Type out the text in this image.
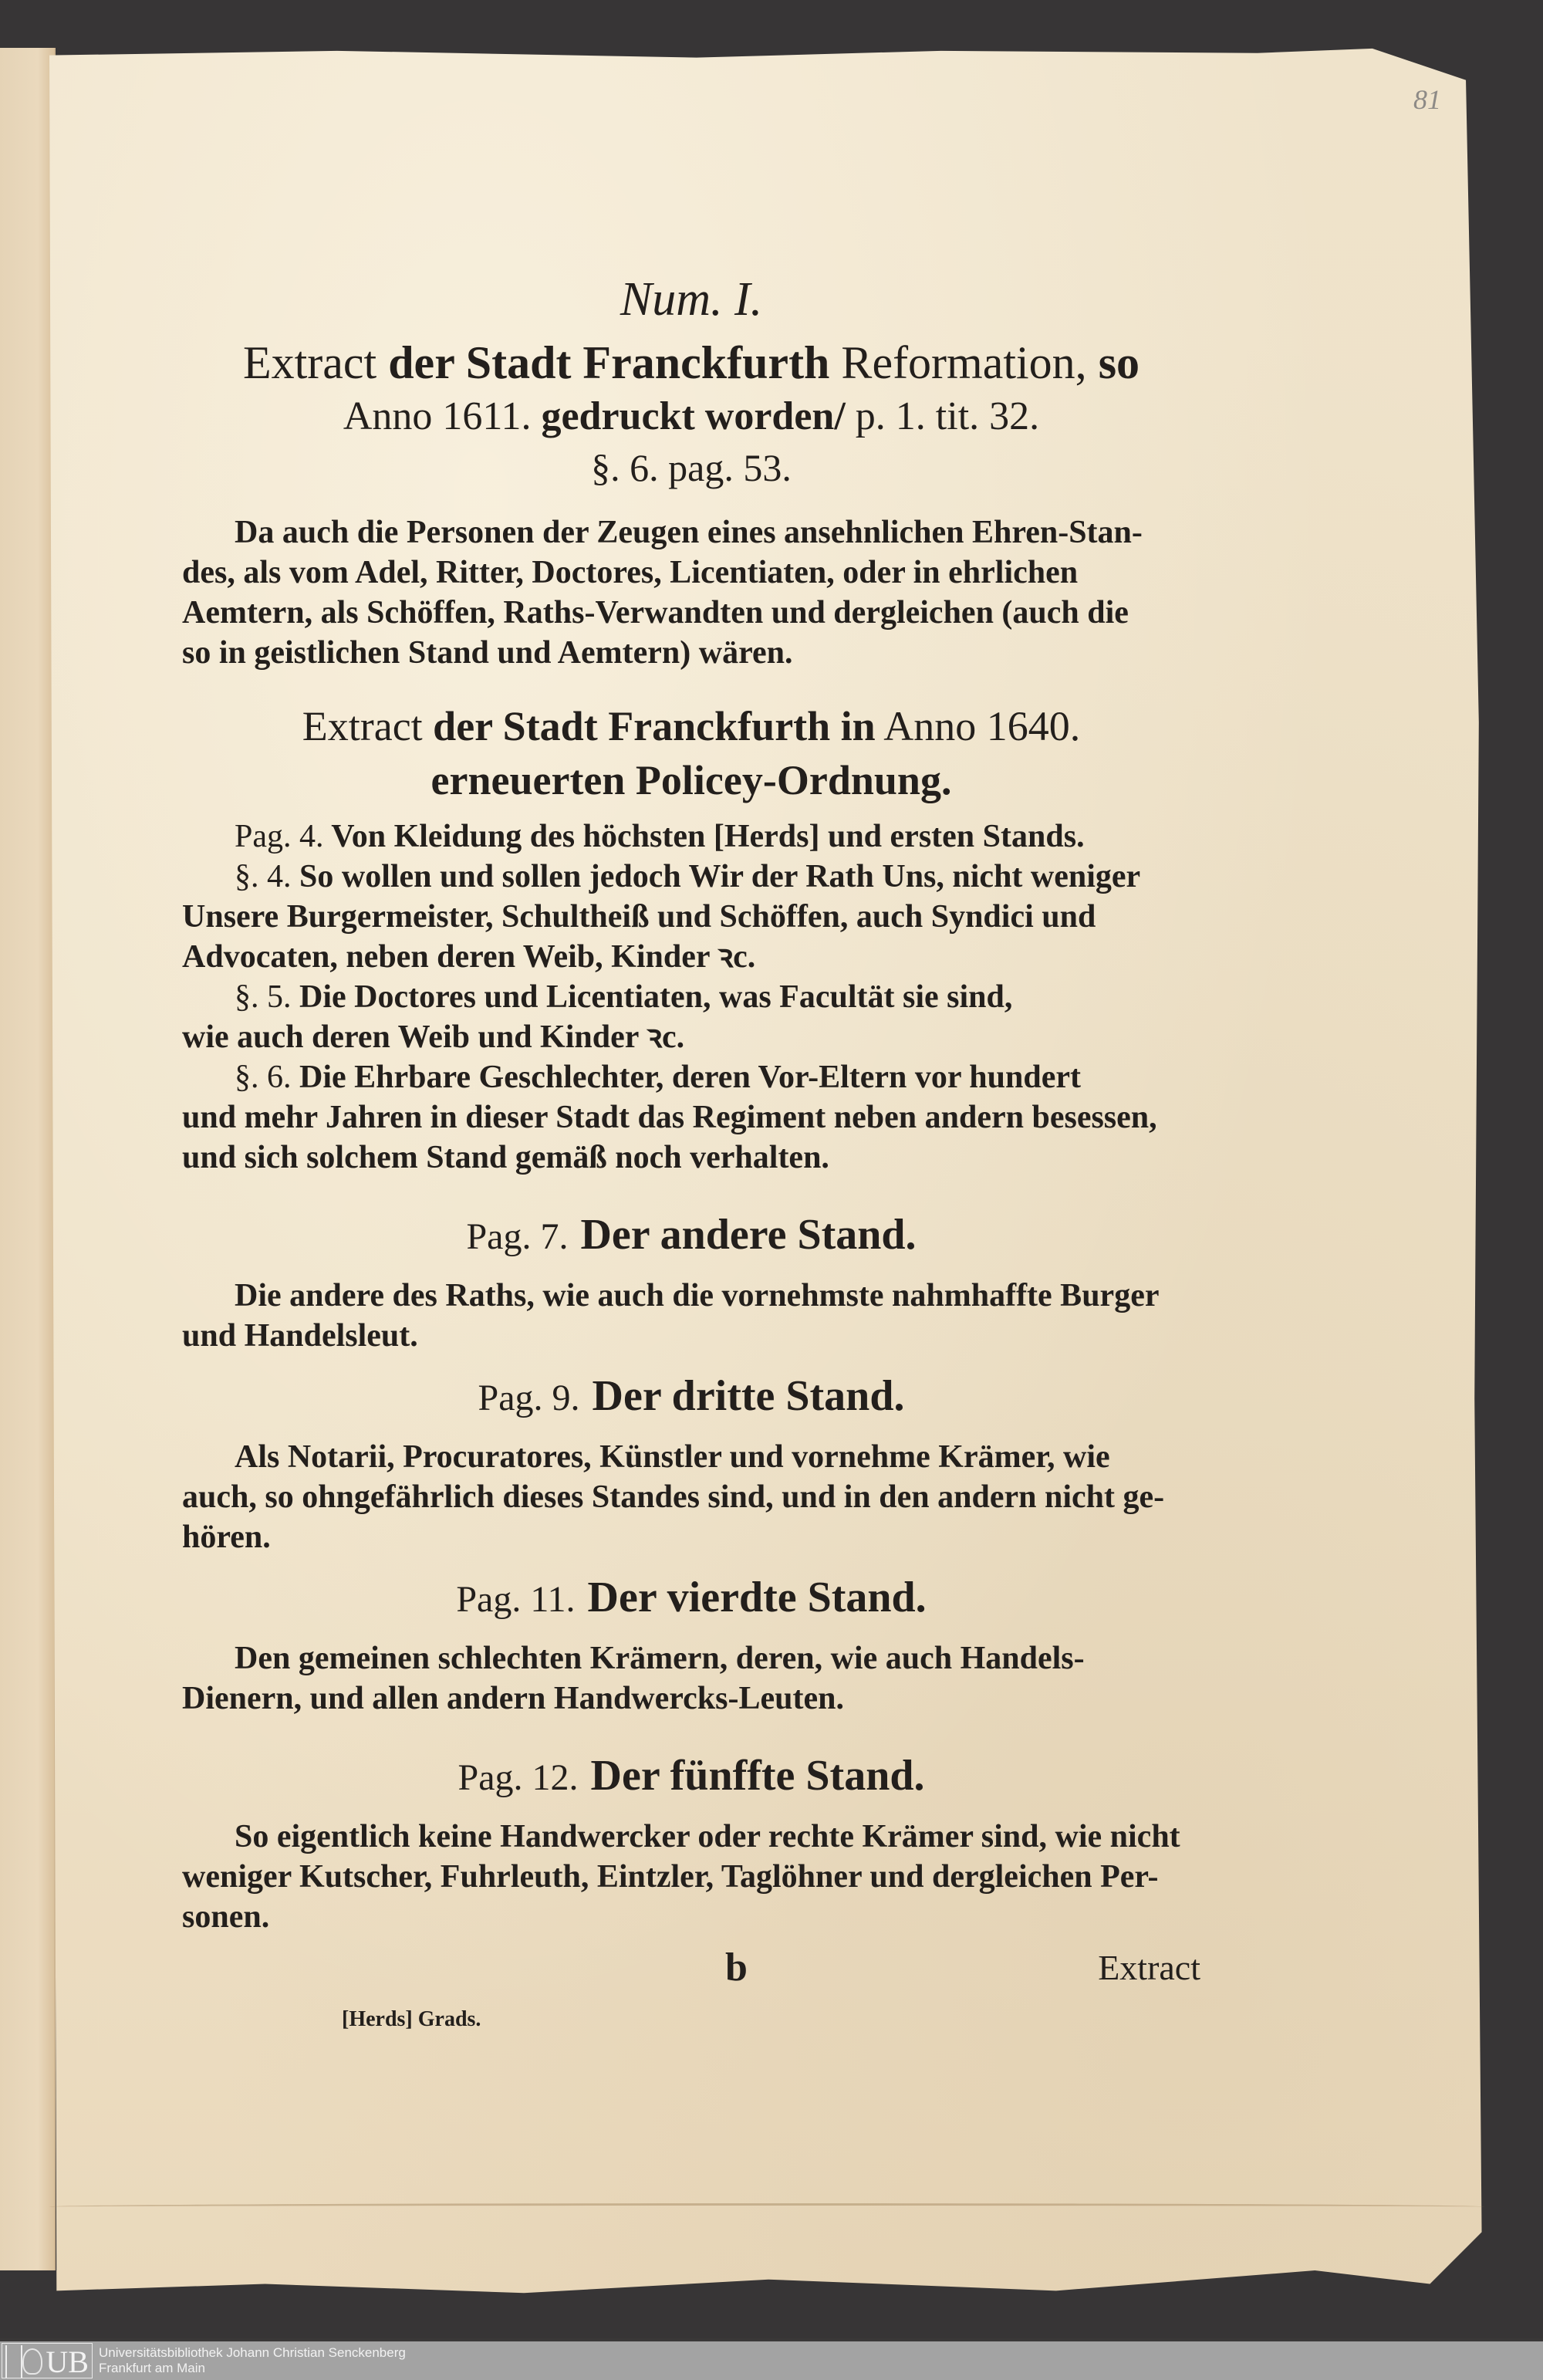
81
Num. I.
Extract der Stadt Franckfurth Reformation, so
Anno 1611. gedruckt worden/ p. 1. tit. 32.
§. 6. pag. 53.
Da auch die Personen der Zeugen eines ansehnlichen Ehren-Stan-
des, als vom Adel, Ritter, Doctores, Licentiaten, oder in ehrlichen
Aemtern, als Schöffen, Raths-Verwandten und dergleichen (auch die
so in geistlichen Stand und Aemtern) wären.
Extract der Stadt Franckfurth in Anno 1640.
erneuerten Policey-Ordnung.
Pag. 4. Von Kleidung des höchsten [Herds] und ersten Stands.
§. 4. So wollen und sollen jedoch Wir der Rath Uns, nicht weniger
Unsere Burgermeister, Schultheiß und Schöffen, auch Syndici und
Advocaten, neben deren Weib, Kinder ꝛc.
§. 5. Die Doctores und Licentiaten, was Facultät sie sind,
wie auch deren Weib und Kinder ꝛc.
§. 6. Die Ehrbare Geschlechter, deren Vor-Eltern vor hundert
und mehr Jahren in dieser Stadt das Regiment neben andern besessen,
und sich solchem Stand gemäß noch verhalten.
Pag. 7. Der andere Stand.
Die andere des Raths, wie auch die vornehmste nahmhaffte Burger
und Handelsleut.
Pag. 9. Der dritte Stand.
Als Notarii, Procuratores, Künstler und vornehme Krämer, wie
auch, so ohngefährlich dieses Standes sind, und in den andern nicht ge-
hören.
Pag. 11. Der vierdte Stand.
Den gemeinen schlechten Krämern, deren, wie auch Handels-
Dienern, und allen andern Handwercks-Leuten.
Pag. 12. Der fünffte Stand.
So eigentlich keine Handwercker oder rechte Krämer sind, wie nicht
weniger Kutscher, Fuhrleuth, Eintzler, Taglöhner und dergleichen Per-
sonen.
b	Extract
[Herds] Grads.
UB Universitätsbibliothek Johann Christian Senckenberg
Frankfurt am Main
